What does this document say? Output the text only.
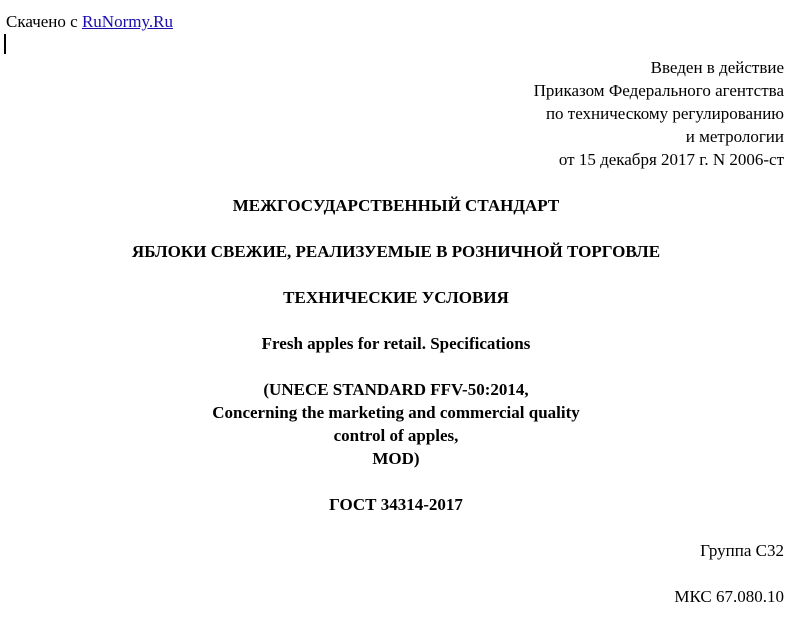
Скачено с RuNormy.Ru
Введен в действие
Приказом Федерального агентства
по техническому регулированию
и метрологии
от 15 декабря 2017 г. N 2006-ст
МЕЖГОСУДАРСТВЕННЫЙ СТАНДАРТ
ЯБЛОКИ СВЕЖИЕ, РЕАЛИЗУЕМЫЕ В РОЗНИЧНОЙ ТОРГОВЛЕ
ТЕХНИЧЕСКИЕ УСЛОВИЯ
Fresh apples for retail. Specifications
(UNECE STANDARD FFV-50:2014,
Concerning the marketing and commercial quality
control of apples,
MOD)
ГОСТ 34314-2017
Группа С32
МКС 67.080.10
